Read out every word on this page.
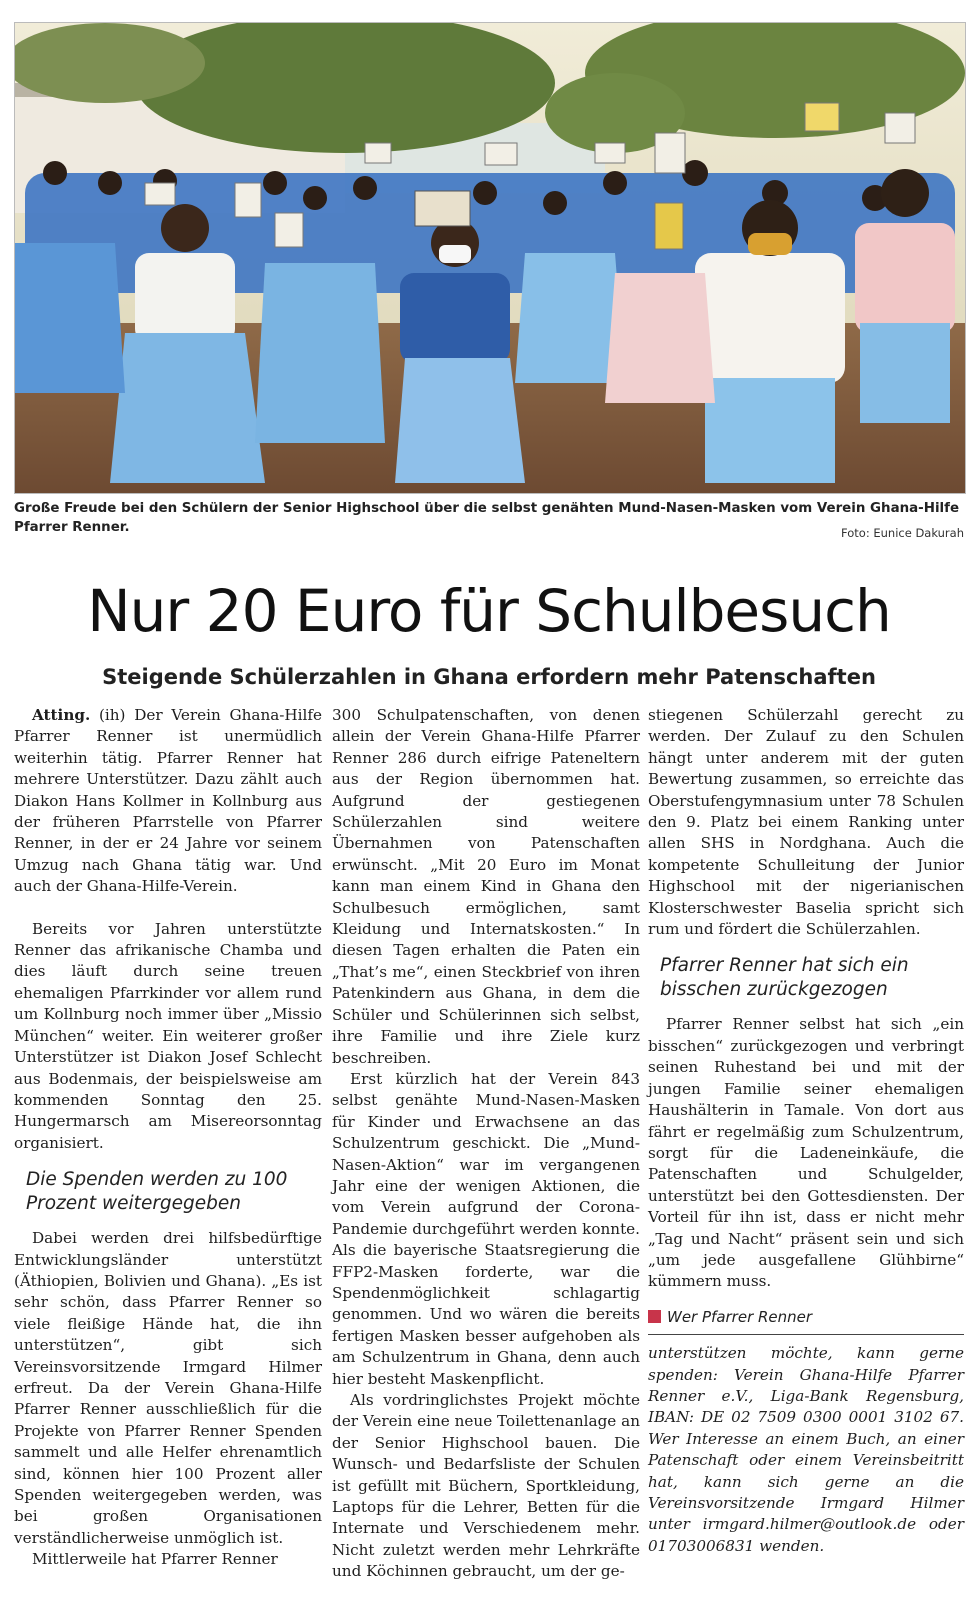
Große Freude bei den Schülern der Senior Highschool über die selbst genähten Mund-Nasen-Masken vom Verein Ghana-Hilfe Pfarrer Renner.	Foto: Eunice Dakurah
Nur 20 Euro für Schulbesuch
Steigende Schülerzahlen in Ghana erfordern mehr Patenschaften

Atting. (ih) Der Verein Ghana-Hilfe Pfarrer Renner ist unermüdlich weiterhin tätig. Pfarrer Renner hat mehrere Unterstützer. Dazu zählt auch Diakon Hans Kollmer in Kollnburg aus der früheren Pfarrstelle von Pfarrer Renner, in der er 24 Jahre vor seinem Umzug nach Ghana tätig war. Und auch der Ghana-Hilfe-Verein.

Bereits vor Jahren unterstützte Renner das afrikanische Chamba und dies läuft durch seine treuen ehemaligen Pfarrkinder vor allem rund um Kollnburg noch immer über „Missio München“ weiter. Ein weiterer großer Unterstützer ist Diakon Josef Schlecht aus Bodenmais, der beispielsweise am kommenden Sonntag den 25. Hungermarsch am Misereorsonntag organisiert.

Die Spenden werden zu 100 Prozent weitergegeben

Dabei werden drei hilfsbedürftige Entwicklungsländer unterstützt (Äthiopien, Bolivien und Ghana). „Es ist sehr schön, dass Pfarrer Renner so viele fleißige Hände hat, die ihn unterstützen“, gibt sich Vereinsvorsitzende Irmgard Hilmer erfreut. Da der Verein Ghana-Hilfe Pfarrer Renner ausschließlich für die Projekte von Pfarrer Renner Spenden sammelt und alle Helfer ehrenamtlich sind, können hier 100 Prozent aller Spenden weitergegeben werden, was bei großen Organisationen verständlicherweise unmöglich ist.

Mittlerweile hat Pfarrer Renner

300 Schulpatenschaften, von denen allein der Verein Ghana-Hilfe Pfarrer Renner 286 durch eifrige Pateneltern aus der Region übernommen hat. Aufgrund der gestiegenen Schülerzahlen sind weitere Übernahmen von Patenschaften erwünscht. „Mit 20 Euro im Monat kann man einem Kind in Ghana den Schulbesuch ermöglichen, samt Kleidung und Internatskosten.“ In diesen Tagen erhalten die Paten ein „That’s me“, einen Steckbrief von ihren Patenkindern aus Ghana, in dem die Schüler und Schülerinnen sich selbst, ihre Familie und ihre Ziele kurz beschreiben.

Erst kürzlich hat der Verein 843 selbst genähte Mund-Nasen-Masken für Kinder und Erwachsene an das Schulzentrum geschickt. Die „Mund-Nasen-Aktion“ war im vergangenen Jahr eine der wenigen Aktionen, die vom Verein aufgrund der Corona-Pandemie durchgeführt werden konnte. Als die bayerische Staatsregierung die FFP2-Masken forderte, war die Spendenmöglichkeit schlagartig genommen. Und wo wären die bereits fertigen Masken besser aufgehoben als am Schulzentrum in Ghana, denn auch hier besteht Maskenpflicht.

Als vordringlichstes Projekt möchte der Verein eine neue Toilettenanlage an der Senior Highschool bauen. Die Wunsch- und Bedarfsliste der Schulen ist gefüllt mit Büchern, Sportkleidung, Laptops für die Lehrer, Betten für die Internate und Verschiedenem mehr. Nicht zuletzt werden mehr Lehrkräfte und Köchinnen gebraucht, um der ge-

stiegenen Schülerzahl gerecht zu werden. Der Zulauf zu den Schulen hängt unter anderem mit der guten Bewertung zusammen, so erreichte das Oberstufengymnasium unter 78 Schulen den 9. Platz bei einem Ranking unter allen SHS in Nordghana. Auch die kompetente Schulleitung der Junior Highschool mit der nigerianischen Klosterschwester Baselia spricht sich rum und fördert die Schülerzahlen.

Pfarrer Renner hat sich ein bisschen zurückgezogen

Pfarrer Renner selbst hat sich „ein bisschen“ zurückgezogen und verbringt seinen Ruhestand bei und mit der jungen Familie seiner ehemaligen Haushälterin in Tamale. Von dort aus fährt er regelmäßig zum Schulzentrum, sorgt für die Ladeneinkäufe, die Patenschaften und Schulgelder, unterstützt bei den Gottesdiensten. Der Vorteil für ihn ist, dass er nicht mehr „Tag und Nacht“ präsent sein und sich „um jede ausgefallene Glühbirne“ kümmern muss.

Wer Pfarrer Renner

unterstützen möchte, kann gerne spenden: Verein Ghana-Hilfe Pfarrer Renner e.V., Liga-Bank Regensburg, IBAN: DE 02 7509 0300 0001 3102 67. Wer Interesse an einem Buch, an einer Patenschaft oder einem Vereinsbeitritt hat, kann sich gerne an die Vereinsvorsitzende Irmgard Hilmer unter irmgard.hilmer@outlook.de oder 01703006831 wenden.
